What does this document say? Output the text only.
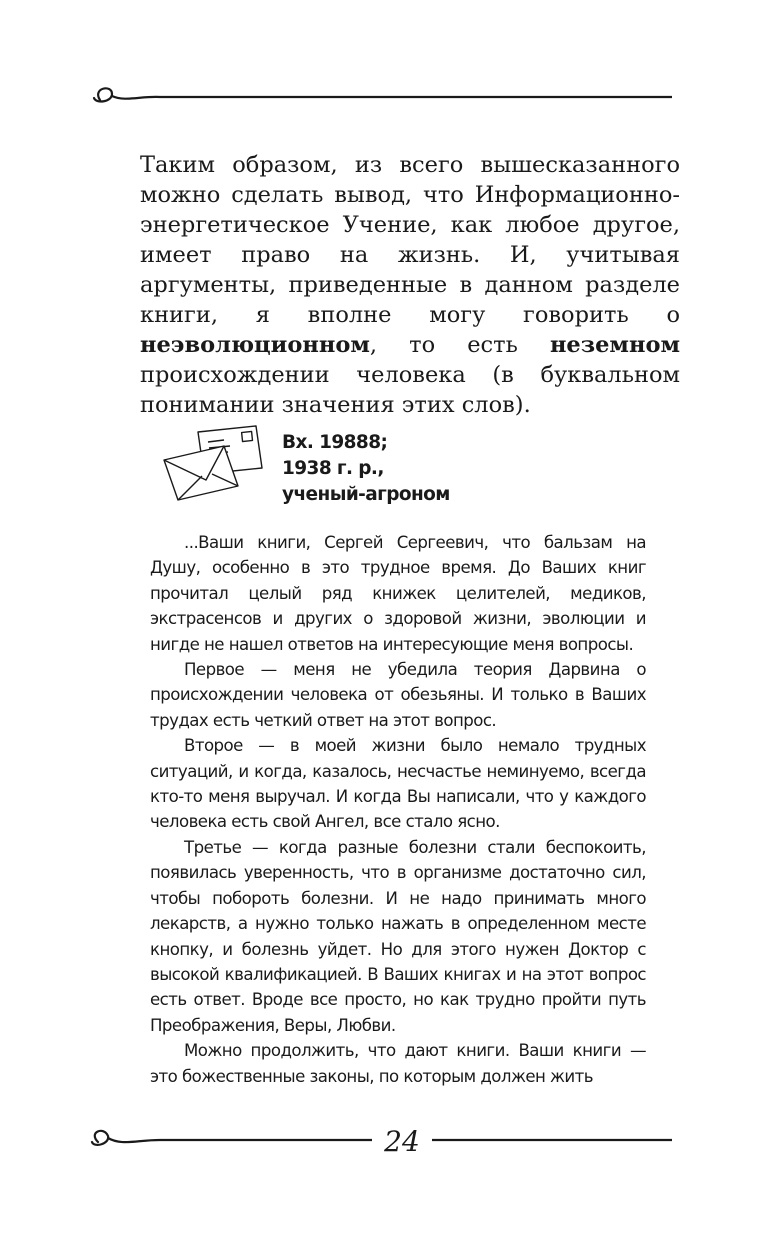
Таким образом, из всего вышесказанного можно сделать вывод, что Информационно-энергетическое Учение, как любое другое, имеет право на жизнь. И, учитывая аргументы, приведенные в данном разделе книги, я вполне могу говорить о неэволюционном, то есть неземном происхождении человека (в буквальном понимании значения этих слов).

Вх. 19888;
1938 г. р.,
ученый-агроном

...Ваши книги, Сергей Сергеевич, что бальзам на Душу, особенно в это трудное время. До Ваших книг прочитал целый ряд книжек целителей, медиков, экстрасенсов и других о здоровой жизни, эволюции и нигде не нашел ответов на интересующие меня вопросы.

Первое — меня не убедила теория Дарвина о происхождении человека от обезьяны. И только в Ваших трудах есть четкий ответ на этот вопрос.

Второе — в моей жизни было немало трудных ситуаций, и когда, казалось, несчастье неминуемо, всегда кто-то меня выручал. И когда Вы написали, что у каждого человека есть свой Ангел, все стало ясно.

Третье — когда разные болезни стали беспокоить, появилась уверенность, что в организме достаточно сил, чтобы побороть болезни. И не надо принимать много лекарств, а нужно только нажать в определенном месте кнопку, и болезнь уйдет. Но для этого нужен Доктор с высокой квалификацией. В Ваших книгах и на этот вопрос есть ответ. Вроде все просто, но как трудно пройти путь Преображения, Веры, Любви.

Можно продолжить, что дают книги. Ваши книги — это божественные законы, по которым должен жить

24
